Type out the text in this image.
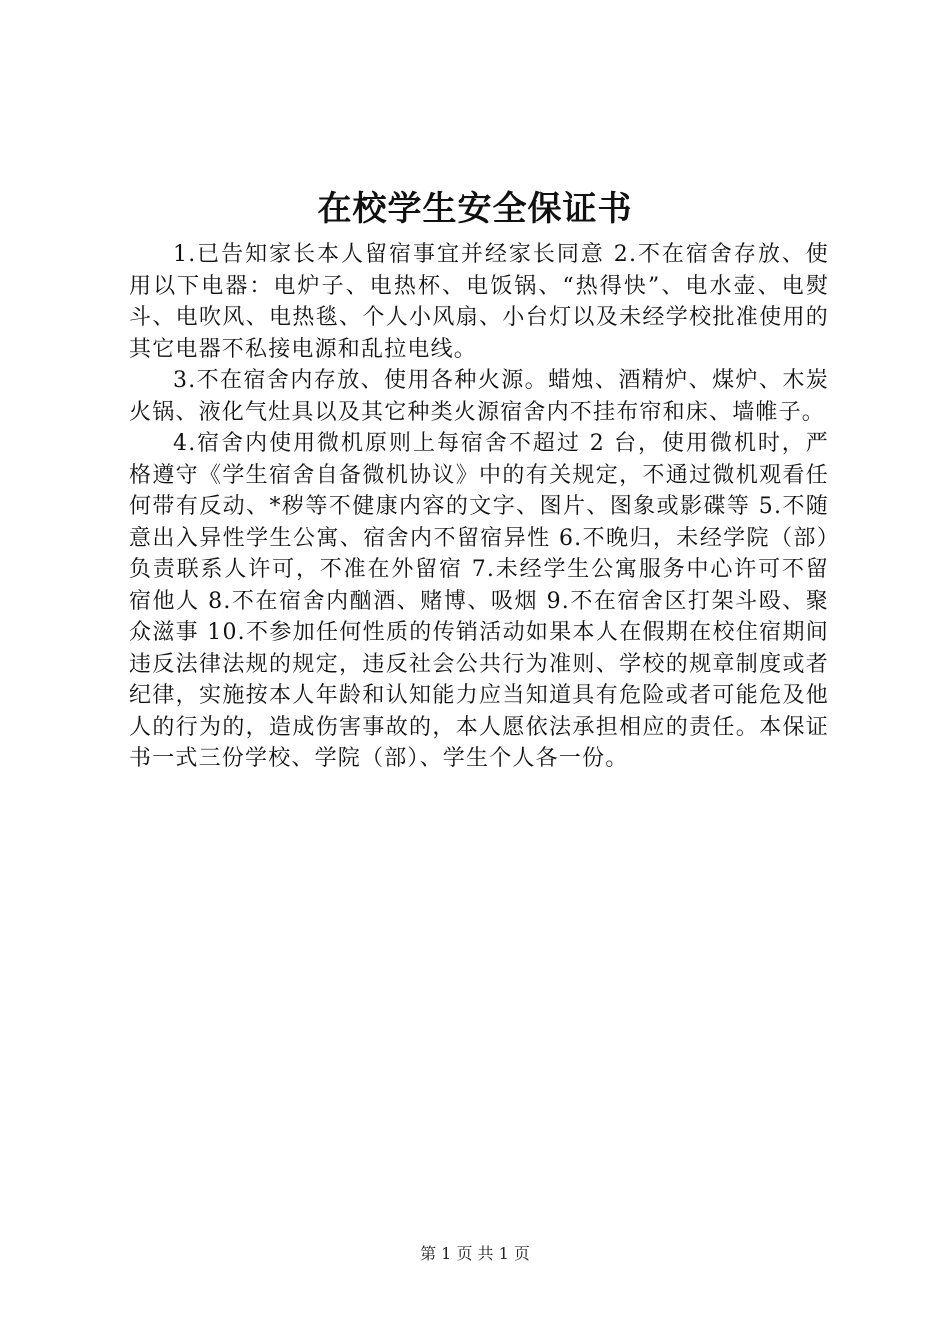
在校学生安全保证书

1.已告知家长本人留宿事宜并经家长同意 2.不在宿舍存放、使用以下电器：电炉子、电热杯、电饭锅、“热得快”、电水壶、电熨斗、电吹风、电热毯、个人小风扇、小台灯以及未经学校批准使用的其它电器不私接电源和乱拉电线。

3.不在宿舍内存放、使用各种火源。蜡烛、酒精炉、煤炉、木炭火锅、液化气灶具以及其它种类火源宿舍内不挂布帘和床、墙帷子。

4.宿舍内使用微机原则上每宿舍不超过 2 台，使用微机时，严格遵守《学生宿舍自备微机协议》中的有关规定，不通过微机观看任何带有反动、*秽等不健康内容的文字、图片、图象或影碟等 5.不随意出入异性学生公寓、宿舍内不留宿异性 6.不晚归，未经学院（部）负责联系人许可，不准在外留宿 7.未经学生公寓服务中心许可不留宿他人 8.不在宿舍内酗酒、赌博、吸烟 9.不在宿舍区打架斗殴、聚众滋事 10.不参加任何性质的传销活动如果本人在假期在校住宿期间违反法律法规的规定，违反社会公共行为准则、学校的规章制度或者纪律，实施按本人年龄和认知能力应当知道具有危险或者可能危及他人的行为的，造成伤害事故的，本人愿依法承担相应的责任。本保证书一式三份学校、学院（部）、学生个人各一份。

第 1 页 共 1 页
